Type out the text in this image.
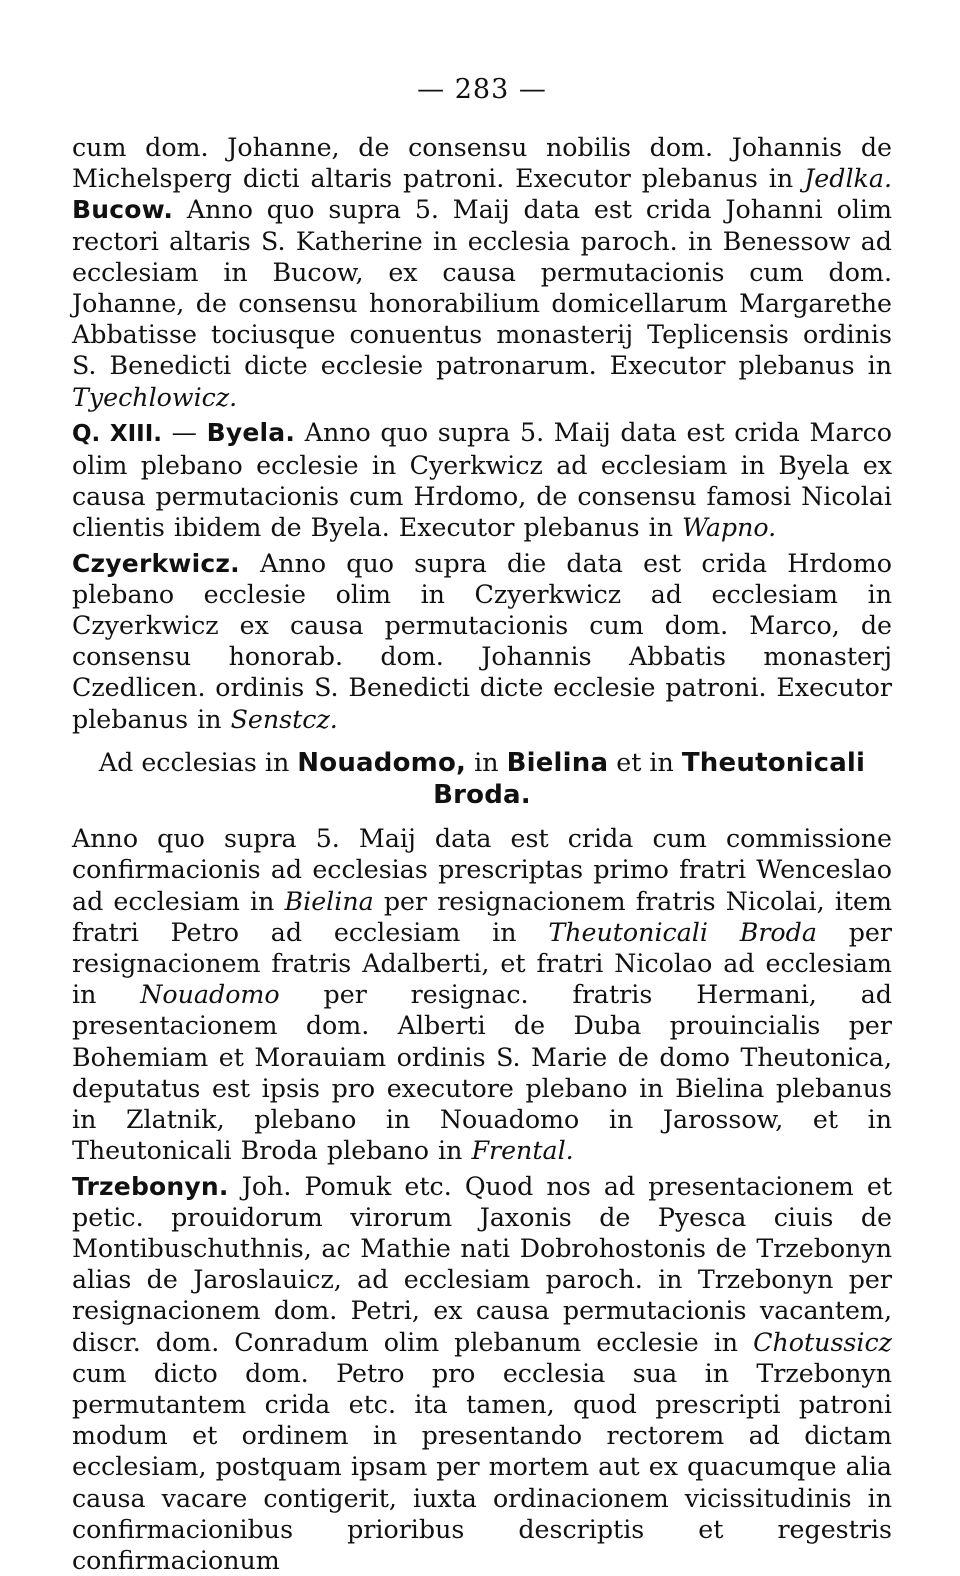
— 283 —

cum dom. Johanne, de consensu nobilis dom. Johannis de Michelsperg dicti altaris patroni. Executor plebanus in Jedlka. Bucow. Anno quo supra 5. Maij data est crida Johanni olim rectori altaris S. Katherine in ecclesia paroch. in Benessow ad ecclesiam in Bucow, ex causa permutacionis cum dom. Johanne, de consensu honorabilium domicellarum Margarethe Abbatisse tociusque conuentus monasterij Teplicensis ordinis S. Benedicti dicte ecclesie patronarum. Executor plebanus in Tyechlowicz.

Q. XIII. — Byela. Anno quo supra 5. Maij data est crida Marco olim plebano ecclesie in Cyerkwicz ad ecclesiam in Byela ex causa permutacionis cum Hrdomo, de consensu famosi Nicolai clientis ibidem de Byela. Executor plebanus in Wapno.

Czyerkwicz. Anno quo supra die data est crida Hrdomo plebano ecclesie olim in Czyerkwicz ad ecclesiam in Czyerkwicz ex causa permutacionis cum dom. Marco, de consensu honorab. dom. Johannis Abbatis monasterj Czedlicen. ordinis S. Benedicti dicte ecclesie patroni. Executor plebanus in Senstcz.

Ad ecclesias in Nouadomo, in Bielina et in Theutonicali Broda.

Anno quo supra 5. Maij data est crida cum commissione confirmacionis ad ecclesias prescriptas primo fratri Wenceslao ad ecclesiam in Bielina per resignacionem fratris Nicolai, item fratri Petro ad ecclesiam in Theutonicali Broda per resignacionem fratris Adalberti, et fratri Nicolao ad ecclesiam in Nouadomo per resignac. fratris Hermani, ad presentacionem dom. Alberti de Duba prouincialis per Bohemiam et Morauiam ordinis S. Marie de domo Theutonica, deputatus est ipsis pro executore plebano in Bielina plebanus in Zlatnik, plebano in Nouadomo in Jarossow, et in Theutonicali Broda plebano in Frental.

Trzebonyn. Joh. Pomuk etc. Quod nos ad presentacionem et petic. prouidorum virorum Jaxonis de Pyesca ciuis de Montibuschuthnis, ac Mathie nati Dobrohostonis de Trzebonyn alias de Jaroslauicz, ad ecclesiam paroch. in Trzebonyn per resignacionem dom. Petri, ex causa permutacionis vacantem, discr. dom. Conradum olim plebanum ecclesie in Chotussicz cum dicto dom. Petro pro ecclesia sua in Trzebonyn permutantem crida etc. ita tamen, quod prescripti patroni modum et ordinem in presentando rectorem ad dictam ecclesiam, postquam ipsam per mortem aut ex quacumque alia causa vacare contigerit, iuxta ordinacionem vicissitudinis in confirmacionibus prioribus descriptis et regestris confirmacionum
